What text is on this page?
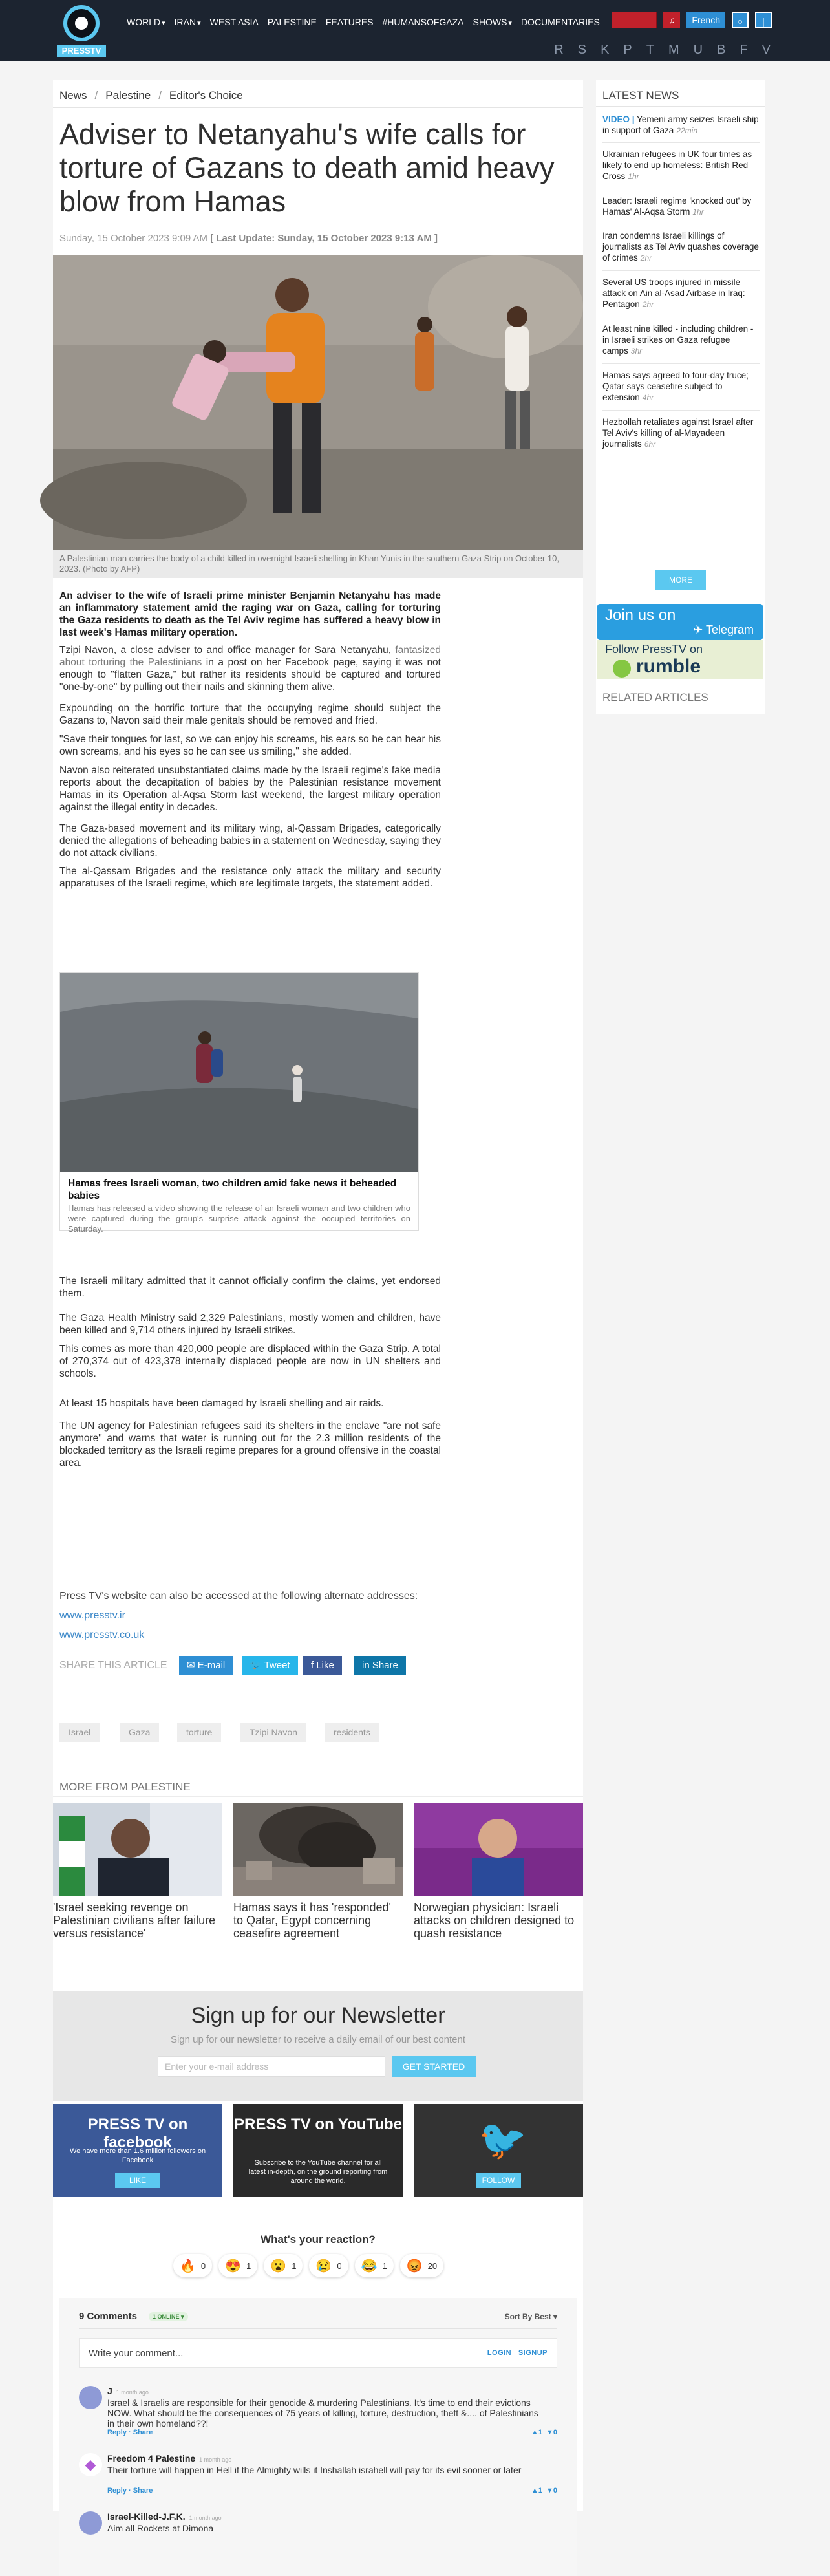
PRESSTV
WORLD ▾	IRAN ▾	WEST ASIA PALESTINE FEATURES #HUMANSOFGAZA SHOWS ▾	DOCUMENTARIES	♫	French	○	|
R S K P T M U B F V
News / Palestine / Editor's Choice
Adviser to Netanyahu's wife calls for torture of Gazans to death amid heavy blow from Hamas
Sunday, 15 October 2023 9:09 AM [ Last Update: Sunday, 15 October 2023 9:13 AM ]
A Palestinian man carries the body of a child killed in overnight Israeli shelling in Khan Yunis in the southern Gaza Strip on October 10, 2023. (Photo by AFP)

An adviser to the wife of Israeli prime minister Benjamin Netanyahu has made an inflammatory statement amid the raging war on Gaza, calling for torturing the Gaza residents to death as the Tel Aviv regime has suffered a heavy blow in last week's Hamas military operation.

Tzipi Navon, a close adviser to and office manager for Sara Netanyahu, fantasized about torturing the Palestinians in a post on her Facebook page, saying it was not enough to "flatten Gaza," but rather its residents should be captured and tortured "one-by-one" by pulling out their nails and skinning them alive.

Expounding on the horrific torture that the occupying regime should subject the Gazans to, Navon said their male genitals should be removed and fried.

"Save their tongues for last, so we can enjoy his screams, his ears so he can hear his own screams, and his eyes so he can see us smiling," she added.

Navon also reiterated unsubstantiated claims made by the Israeli regime's fake media reports about the decapitation of babies by the Palestinian resistance movement Hamas in its Operation al-Aqsa Storm last weekend, the largest military operation against the illegal entity in decades.

The Gaza-based movement and its military wing, al-Qassam Brigades, categorically denied the allegations of beheading babies in a statement on Wednesday, saying they do not attack civilians.

The al-Qassam Brigades and the resistance only attack the military and security apparatuses of the Israeli regime, which are legitimate targets, the statement added.

Hamas frees Israeli woman, two children amid fake news it beheaded babies
Hamas has released a video showing the release of an Israeli woman and two children who were captured during the group's surprise attack against the occupied territories on Saturday.

The Israeli military admitted that it cannot officially confirm the claims, yet endorsed them.

The Gaza Health Ministry said 2,329 Palestinians, mostly women and children, have been killed and 9,714 others injured by Israeli strikes.

This comes as more than 420,000 people are displaced within the Gaza Strip. A total of 270,374 out of 423,378 internally displaced people are now in UN shelters and schools.

At least 15 hospitals have been damaged by Israeli shelling and air raids.

The UN agency for Palestinian refugees said its shelters in the enclave "are not safe anymore" and warns that water is running out for the 2.3 million residents of the blockaded territory as the Israeli regime prepares for a ground offensive in the coastal area.

Press TV's website can also be accessed at the following alternate addresses:
www.presstv.ir
www.presstv.co.uk
SHARE THIS ARTICLE	✉ E-mail	🐦 Tweet	f Like	in Share
Israel	Gaza	torture	Tzipi Navon	residents
MORE FROM PALESTINE
'Israel seeking revenge on Palestinian civilians after failure versus resistance'
Hamas says it has 'responded' to Qatar, Egypt concerning ceasefire agreement
Norwegian physician: Israeli attacks on children designed to quash resistance
Sign up for our Newsletter
Sign up for our newsletter to receive a daily email of our best content
Enter your e-mail address	GET STARTED
PRESS TV on facebook
We have more than 1.6 million followers on Facebook
LIKE
PRESS TV on YouTube
Subscribe to the YouTube channel for all latest in-depth, on the ground reporting from around the world.
🐦
FOLLOW
What's your reaction?
🔥 0 😍 1 😮 1 😢 0 😂 1 😡 20
9 Comments	1 ONLINE ▾	Sort By Best ▾
Write your comment...	LOGIN SIGNUP
J 1 month ago
Israel & Israelis are responsible for their genocide & murdering Palestinians. It's time to end their evictions NOW. What should be the consequences of 75 years of killing, torture, destruction, theft &.... of Palestinians in their own homeland??!
Reply · Share	▲1 ▼0
◆	Freedom 4 Palestine 1 month ago
Their torture will happen in Hell if the Almighty wills it Inshallah israhell will pay for its evil sooner or later
Reply · Share	▲1 ▼0
Israel-Killed-J.F.K. 1 month ago
Aim all Rockets at Dimona
LATEST NEWS
VIDEO | Yemeni army seizes Israeli ship in support of Gaza 22min
Ukrainian refugees in UK four times as likely to end up homeless: British Red Cross 1hr
Leader: Israeli regime 'knocked out' by Hamas' Al-Aqsa Storm 1hr
Iran condemns Israeli killings of journalists as Tel Aviv quashes coverage of crimes 2hr
Several US troops injured in missile attack on Ain al-Asad Airbase in Iraq: Pentagon 2hr
At least nine killed - including children - in Israeli strikes on Gaza refugee camps 3hr
Hamas says agreed to four-day truce; Qatar says ceasefire subject to extension 4hr
Hezbollah retaliates against Israel after Tel Aviv's killing of al-Mayadeen journalists 6hr
MORE
Join us on
✈ Telegram
Follow PressTV on
rumble
RELATED ARTICLES
